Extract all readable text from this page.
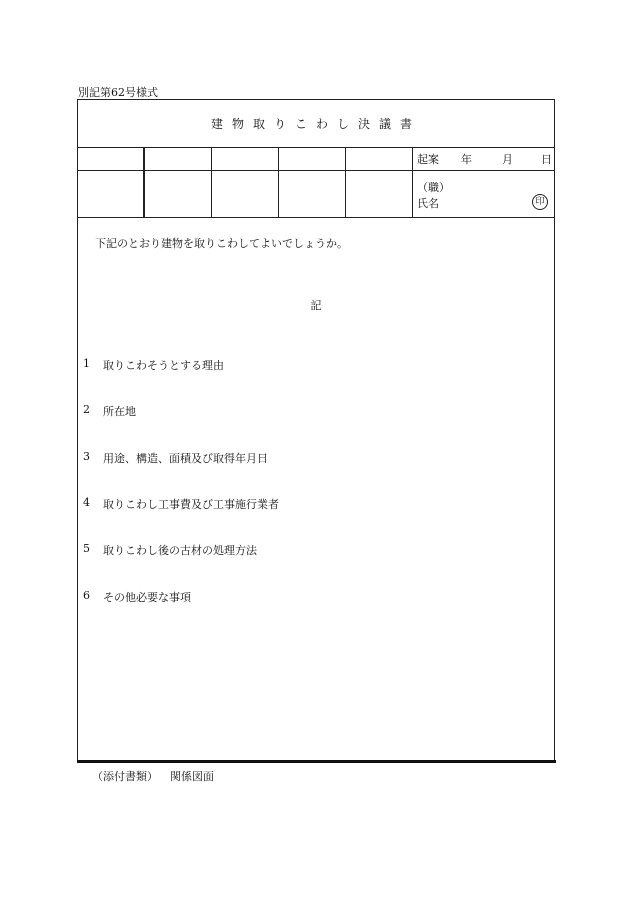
別記第62号様式
建物取りこわし決議書
起案 年	月	日
（職）
氏名	印
下記のとおり建物を取りこわしてよいでしょうか。
記
1	取りこわそうとする理由
2	所在地
3	用途、構造、面積及び取得年月日
4	取りこわし工事費及び工事施行業者
5	取りこわし後の古材の処理方法
6	その他必要な事項
（添付書類） 関係図面
